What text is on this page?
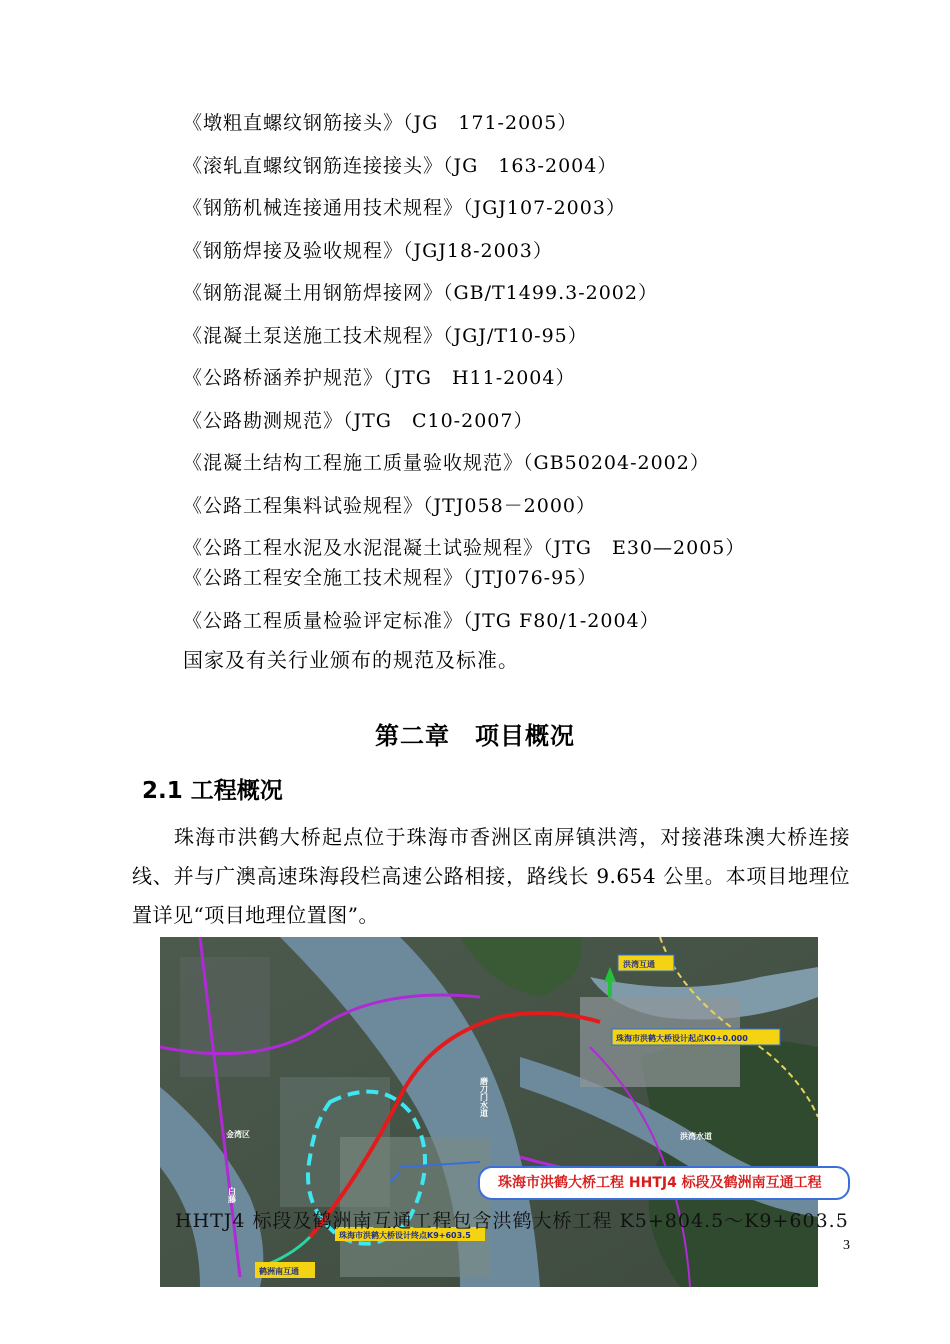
《墩粗直螺纹钢筋接头》（JG　171-2005）
《滚轧直螺纹钢筋连接接头》（JG　163-2004）
《钢筋机械连接通用技术规程》（JGJ107-2003）
《钢筋焊接及验收规程》（JGJ18-2003）
《钢筋混凝土用钢筋焊接网》（GB/T1499.3-2002）
《混凝土泵送施工技术规程》（JGJ/T10-95）
《公路桥涵养护规范》（JTG　H11-2004）
《公路勘测规范》（JTG　C10-2007）
《混凝土结构工程施工质量验收规范》（GB50204-2002）
《公路工程集料试验规程》（JTJ058－2000）
《公路工程水泥及水泥混凝土试验规程》（JTG　E30—2005）
《公路工程安全施工技术规程》（JTJ076-95）
《公路工程质量检验评定标准》（JTG F80/1-2004）
国家及有关行业颁布的规范及标准。
第二章　项目概况
2.1 工程概况

珠海市洪鹤大桥起点位于珠海市香洲区南屏镇洪湾，对接港珠澳大桥连接线、并与广澳高速珠海段栏高速公路相接，路线长 9.654 公里。本项目地理位置详见“项目地理位置图”。

洪湾互通
珠海市洪鹤大桥设计起点K0+0.000
珠海市洪鹤大桥设计终点K9+603.5
鹤洲南互通
磨刀门水道
洪湾水道
金湾区
白藤
珠海市洪鹤大桥工程 HHTJ4 标段及鹤洲南互通工程
HHTJ4 标段及鹤洲南互通工程包含洪鹤大桥工程 K5+804.5～K9+603.5
3
